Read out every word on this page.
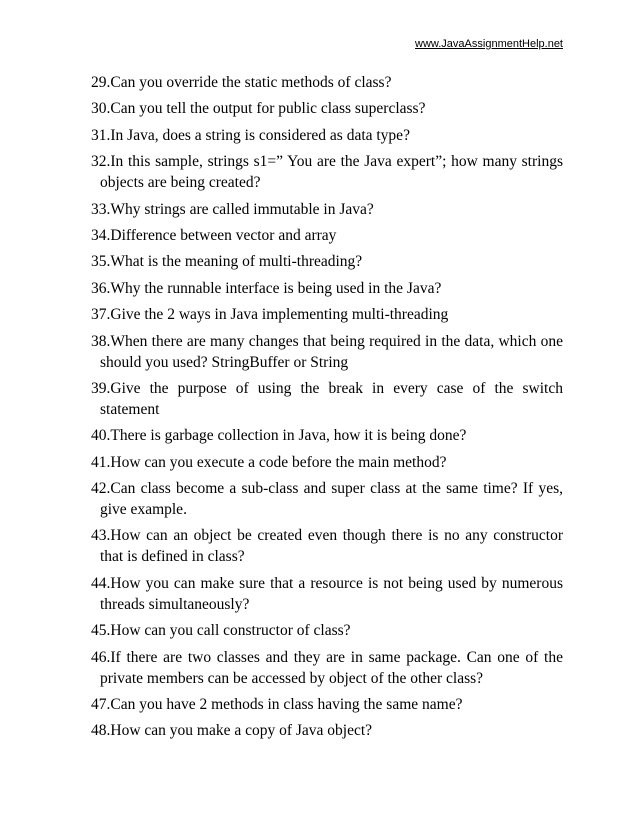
www.JavaAssignmentHelp.net

29.Can you override the static methods of class?

30.Can you tell the output for public class superclass?

31.In Java, does a string is considered as data type?

32.In this sample, strings s1=” You are the Java expert”; how many strings objects are being created?

33.Why strings are called immutable in Java?

34.Difference between vector and array

35.What is the meaning of multi-threading?

36.Why the runnable interface is being used in the Java?

37.Give the 2 ways in Java implementing multi-threading

38.When there are many changes that being required in the data, which one should you used? StringBuffer or String

39.Give the purpose of using the break in every case of the switch statement

40.There is garbage collection in Java, how it is being done?

41.How can you execute a code before the main method?

42.Can class become a sub-class and super class at the same time? If yes, give example.

43.How can an object be created even though there is no any constructor that is defined in class?

44.How you can make sure that a resource is not being used by numerous threads simultaneously?

45.How can you call constructor of class?

46.If there are two classes and they are in same package. Can one of the private members can be accessed by object of the other class?

47.Can you have 2 methods in class having the same name?

48.How can you make a copy of Java object?
